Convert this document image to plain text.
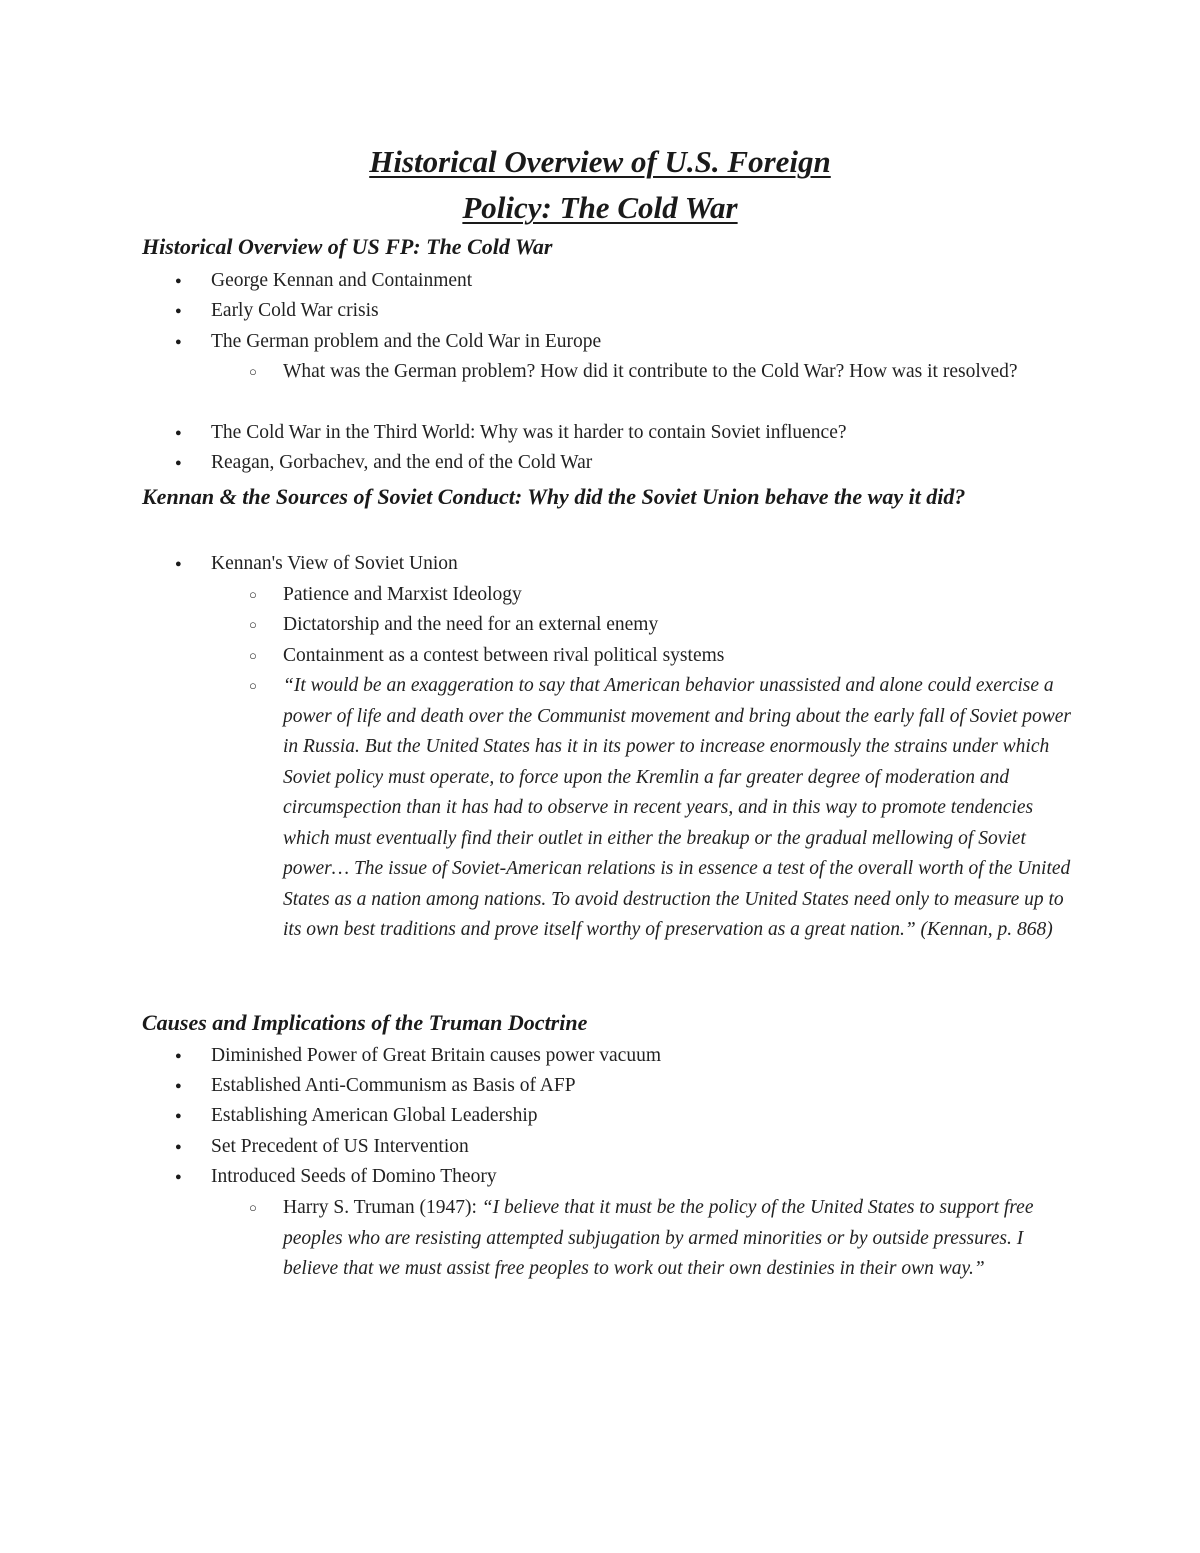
Historical Overview of U.S. Foreign
Policy: The Cold War
Historical Overview of US FP: The Cold War
● George Kennan and Containment

● Early Cold War crisis

● The German problem and the Cold War in Europe

○ What was the German problem? How did it contribute to the Cold War? How was it resolved?

● The Cold War in the Third World: Why was it harder to contain Soviet influence?

● Reagan, Gorbachev, and the end of the Cold War

Kennan & the Sources of Soviet Conduct: Why did the Soviet Union behave the way it did?
● Kennan's View of Soviet Union

○ Patience and Marxist Ideology

○ Dictatorship and the need for an external enemy

○ Containment as a contest between rival political systems

○ “It would be an exaggeration to say that American behavior unassisted and alone could exercise a power of life and death over the Communist movement and bring about the early fall of Soviet power in Russia. But the United States has it in its power to increase enormously the strains under which Soviet policy must operate, to force upon the Kremlin a far greater degree of moderation and circumspection than it has had to observe in recent years, and in this way to promote tendencies which must eventually find their outlet in either the breakup or the gradual mellowing of Soviet power… The issue of Soviet-American relations is in essence a test of the overall worth of the United States as a nation among nations. To avoid destruction the United States need only to measure up to its own best traditions and prove itself worthy of preservation as a great nation.” (Kennan, p. 868)

Causes and Implications of the Truman Doctrine
● Diminished Power of Great Britain causes power vacuum

● Established Anti-Communism as Basis of AFP

● Establishing American Global Leadership

● Set Precedent of US Intervention

● Introduced Seeds of Domino Theory

○ Harry S. Truman (1947): “I believe that it must be the policy of the United States to support free peoples who are resisting attempted subjugation by armed minorities or by outside pressures. I believe that we must assist free peoples to work out their own destinies in their own way.”
